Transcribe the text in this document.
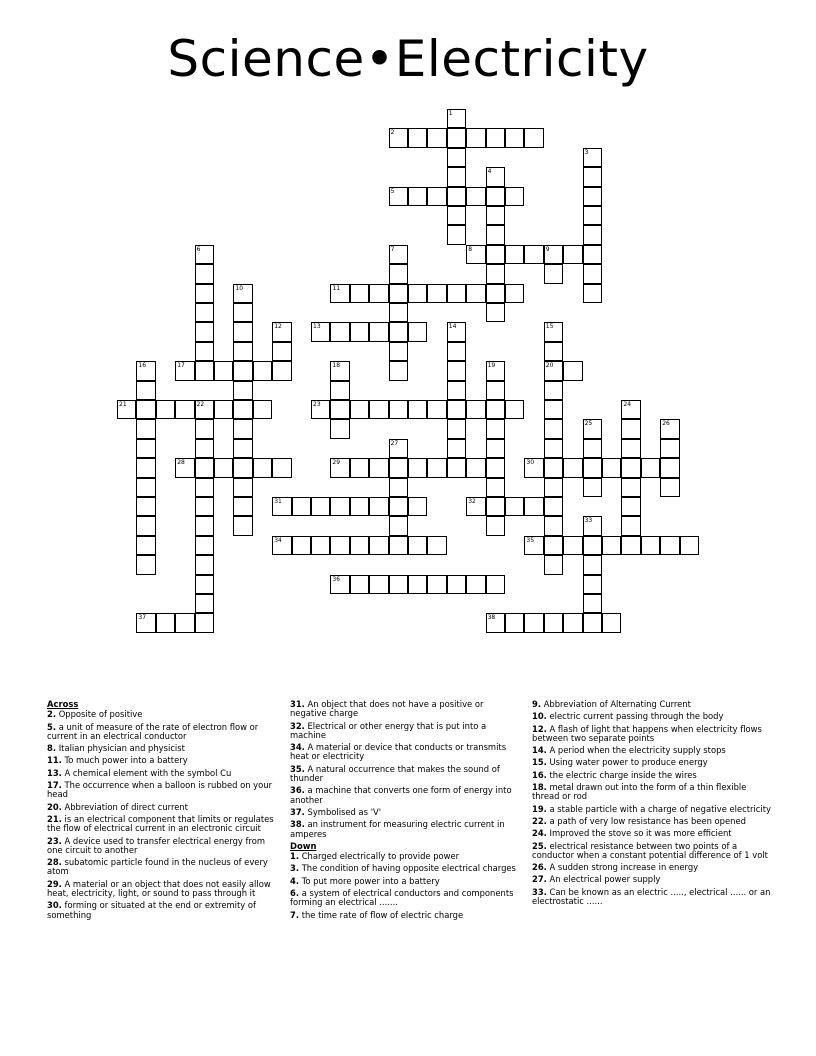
Science•Electricity
1
2
3
4
5
6	7	8	9
10	11
12	13	14	15
20
16	17	18	19
21	22	23	24
25	26
27
28	29	30
31	32
33
34	35
36
37	38
Across
2. Opposite of positive
5. a unit of measure of the rate of electron flow or current in an electrical conductor
8. Italian physician and physicist
11. To much power into a battery
13. A chemical element with the symbol Cu
17. The occurrence when a balloon is rubbed on your head
20. Abbreviation of direct current
21. is an electrical component that limits or regulates the flow of electrical current in an electronic circuit
23. A device used to transfer electrical energy from one circuit to another
28. subatomic particle found in the nucleus of every atom
29. A material or an object that does not easily allow heat, electricity, light, or sound to pass through it
30. forming or situated at the end or extremity of something
31. An object that does not have a positive or negative charge
32. Electrical or other energy that is put into a machine
34. A material or device that conducts or transmits heat or electricity
35. A natural occurrence that makes the sound of thunder
36. a machine that converts one form of energy into another
37. Symbolised as 'V'
38. an instrument for measuring electric current in amperes
Down
1. Charged electrically to provide power
3. The condition of having opposite electrical charges
4. To put more power into a battery
6. a system of electrical conductors and components forming an electrical .......
7. the time rate of flow of electric charge
9. Abbreviation of Alternating Current
10. electric current passing through the body
12. A flash of light that happens when electricity flows between two separate points
14. A period when the electricity supply stops
15. Using water power to produce energy
16. the electric charge inside the wires
18. metal drawn out into the form of a thin flexible thread or rod
19. a stable particle with a charge of negative electricity
22. a path of very low resistance has been opened
24. Improved the stove so it was more efficient
25. electrical resistance between two points of a conductor when a constant potential difference of 1 volt
26. A sudden strong increase in energy
27. An electrical power supply
33. Can be known as an electric ....., electrical ...... or an electrostatic ......
